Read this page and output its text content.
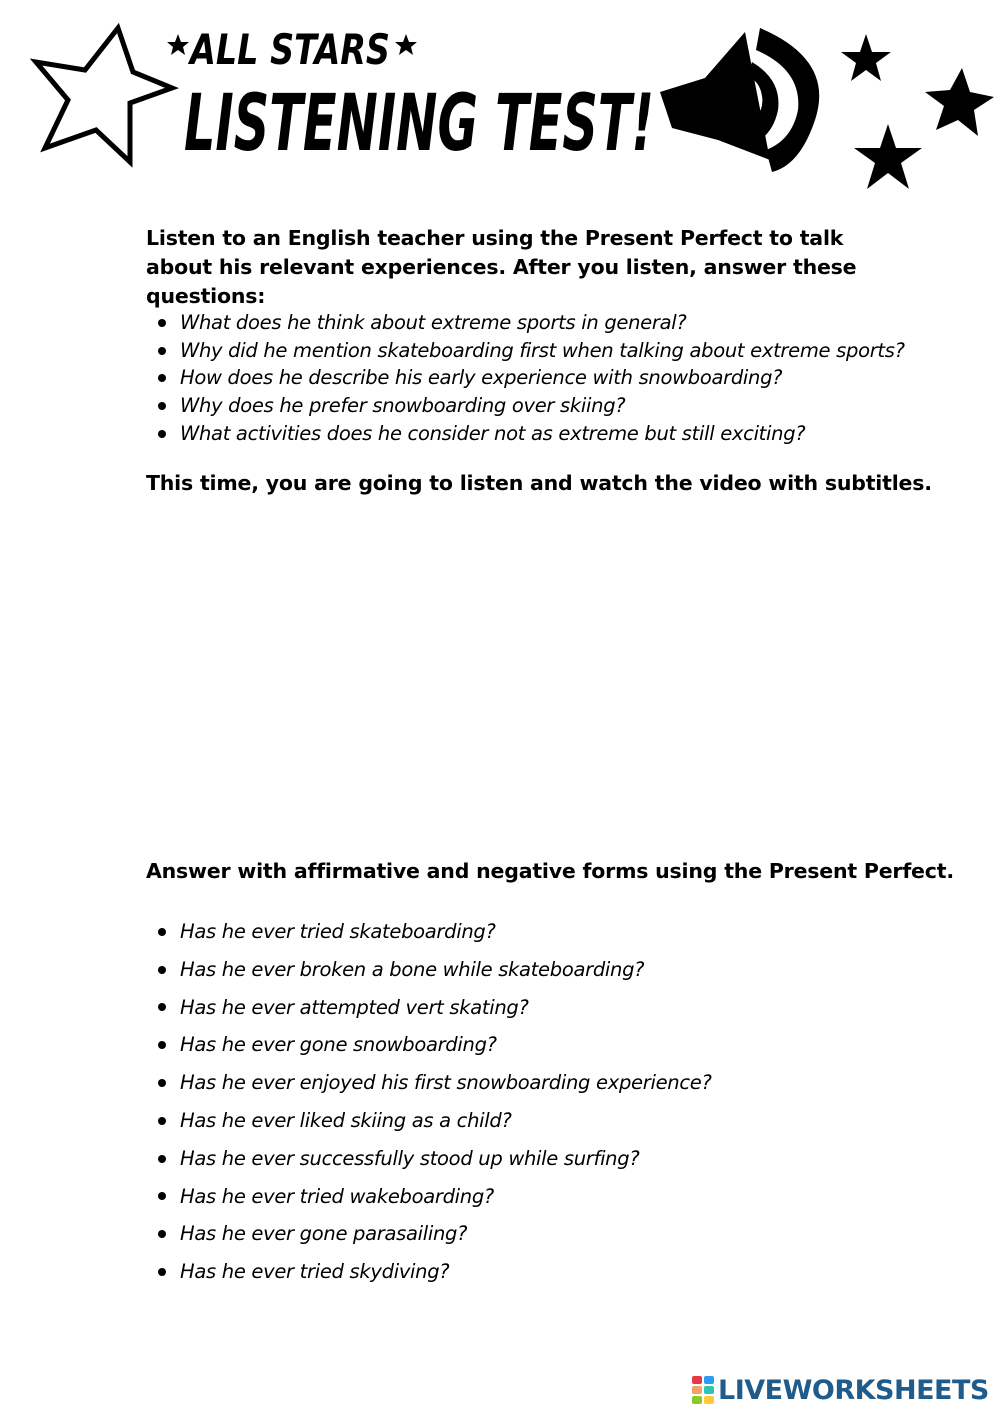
ALL STARS
LISTENING TEST!

Listen to an English teacher using the Present Perfect to talk about his relevant experiences. After you listen, answer these questions:

What does he think about extreme sports in general?
Why did he mention skateboarding first when talking about extreme sports?
How does he describe his early experience with snowboarding?
Why does he prefer snowboarding over skiing?
What activities does he consider not as extreme but still exciting?

This time, you are going to listen and watch the video with subtitles.

Answer with affirmative and negative forms using the Present Perfect.

Has he ever tried skateboarding?
Has he ever broken a bone while skateboarding?
Has he ever attempted vert skating?
Has he ever gone snowboarding?
Has he ever enjoyed his first snowboarding experience?
Has he ever liked skiing as a child?
Has he ever successfully stood up while surfing?
Has he ever tried wakeboarding?
Has he ever gone parasailing?
Has he ever tried skydiving?
LIVEWORKSHEETS
